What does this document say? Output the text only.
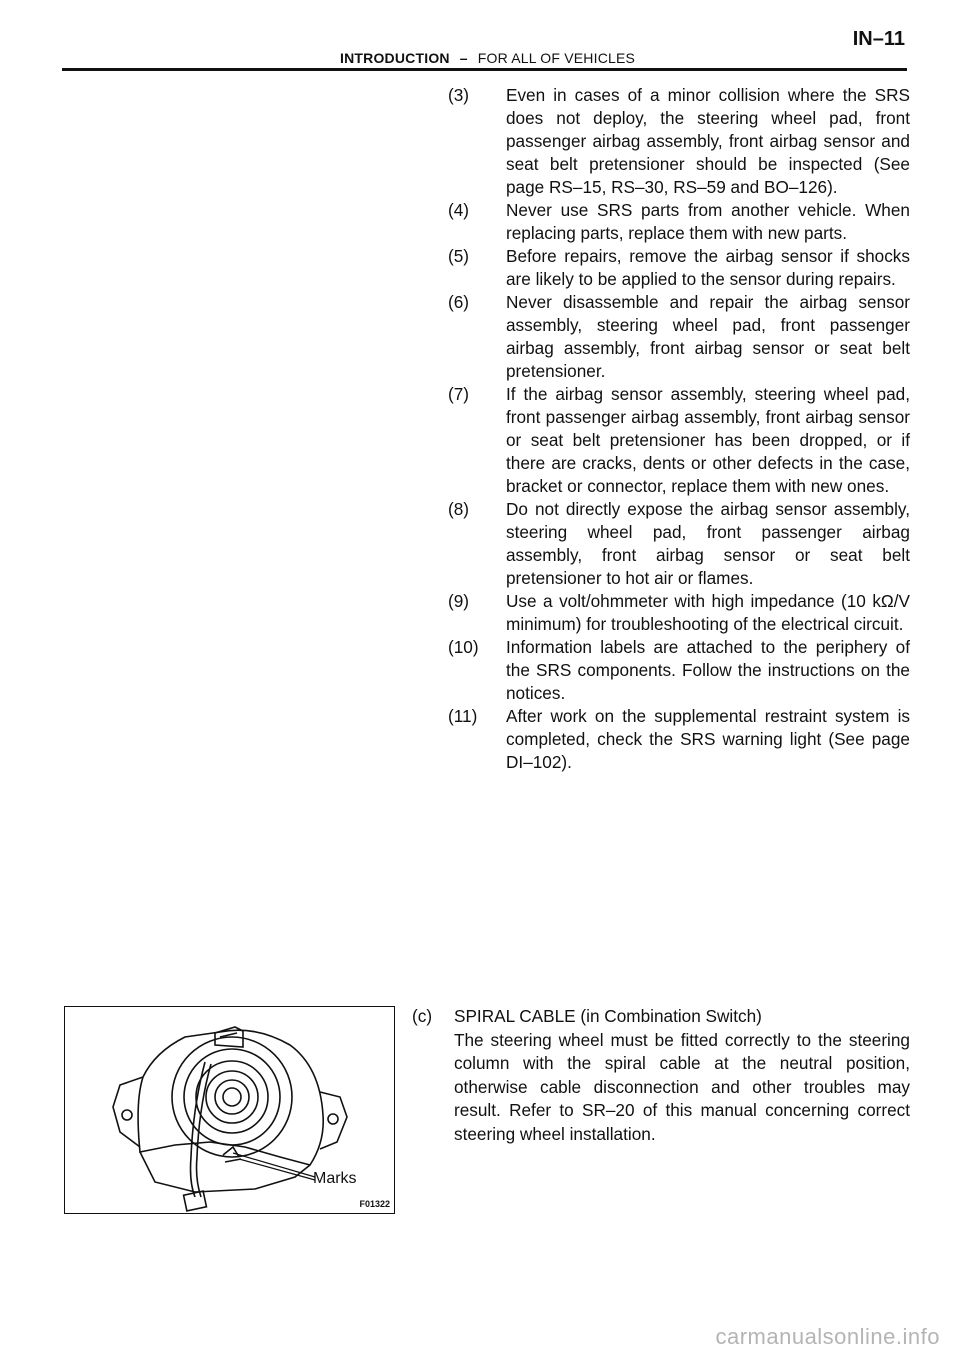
IN–11
INTRODUCTION – FOR ALL OF VEHICLES
(3)	Even in cases of a minor collision where the SRS does not deploy, the steering wheel pad, front passenger airbag assembly, front airbag sensor and seat belt pretensioner should be inspected (See page RS–15, RS–30, RS–59 and BO–126).
(4)	Never use SRS parts from another vehicle. When replacing parts, replace them with new parts.
(5)	Before repairs, remove the airbag sensor if shocks are likely to be applied to the sensor during repairs.
(6)	Never disassemble and repair the airbag sensor assembly, steering wheel pad, front passenger airbag assembly, front airbag sensor or seat belt pretensioner.
(7)	If the airbag sensor assembly, steering wheel pad, front passenger airbag assembly, front airbag sensor or seat belt pretensioner has been dropped, or if there are cracks, dents or other defects in the case, bracket or connector, replace them with new ones.
(8)	Do not directly expose the airbag sensor assembly, steering wheel pad, front passenger airbag assembly, front airbag sensor or seat belt pretensioner to hot air or flames.
(9)	Use a volt/ohmmeter with high impedance (10 kΩ/V minimum) for troubleshooting of the electrical circuit.
(10)	Information labels are attached to the periphery of the SRS components. Follow the instructions on the notices.
(11)	After work on the supplemental restraint system is completed, check the SRS warning light (See page DI–102).
Marks
F01322
(c)	SPIRAL CABLE (in Combination Switch)
The steering wheel must be fitted correctly to the steering column with the spiral cable at the neutral position, otherwise cable disconnection and other troubles may result. Refer to SR–20 of this manual concerning correct steering wheel installation.
carmanualsonline.info
